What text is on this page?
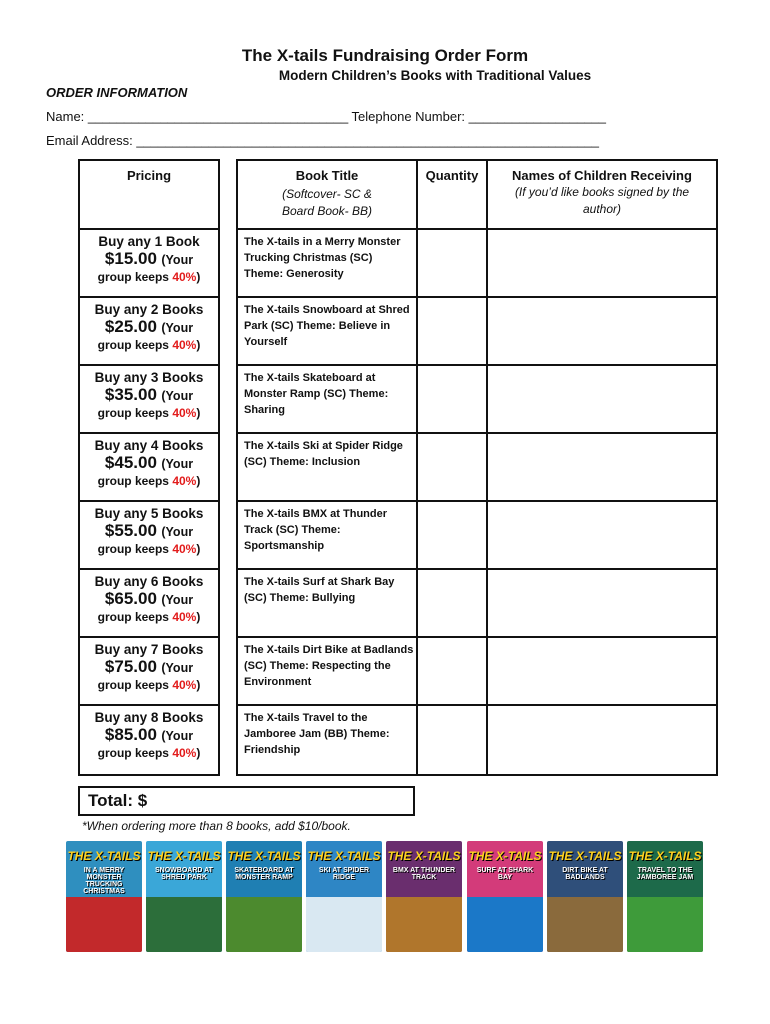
The X-tails Fundraising Order Form
Modern Children’s Books with Traditional Values
ORDER INFORMATION
Name: ____________________________________ Telephone Number: ___________________
Email Address: ________________________________________________________________
Pricing	Book Title
(Softcover- SC & Board Book- BB)
Quantity	Names of Children Receiving
(If you’d like books signed by the author)
Buy any 1 Book
$15.00 (Your
group keeps 40%)
The X-tails in a Merry Monster Trucking Christmas (SC) Theme: Generosity
Buy any 2 Books
$25.00 (Your
group keeps 40%)
The X-tails Snowboard at Shred Park (SC) Theme: Believe in Yourself
Buy any 3 Books
$35.00 (Your
group keeps 40%)
The X-tails Skateboard at Monster Ramp (SC) Theme: Sharing
Buy any 4 Books
$45.00 (Your
group keeps 40%)
The X-tails Ski at Spider Ridge (SC) Theme: Inclusion
Buy any 5 Books
$55.00 (Your
group keeps 40%)
The X-tails BMX at Thunder Track (SC) Theme: Sportsmanship
Buy any 6 Books
$65.00 (Your
group keeps 40%)
The X-tails Surf at Shark Bay (SC) Theme: Bullying
Buy any 7 Books
$75.00 (Your
group keeps 40%)
The X-tails Dirt Bike at Badlands (SC) Theme: Respecting the Environment
Buy any 8 Books
$85.00 (Your
group keeps 40%)
The X-tails Travel to the Jamboree Jam (BB) Theme: Friendship
Total: $
*When ordering more than 8 books, add $10/book.
THE X-TAILS
IN A MERRY MONSTER TRUCKING CHRISTMAS
THE X-TAILS
SNOWBOARD AT SHRED PARK
THE X-TAILS
SKATEBOARD AT MONSTER RAMP
THE X-TAILS
SKI AT SPIDER RIDGE
THE X-TAILS
BMX AT THUNDER TRACK
THE X-TAILS
SURF AT SHARK BAY
THE X-TAILS
DIRT BIKE AT BADLANDS
THE X-TAILS
TRAVEL TO THE JAMBOREE JAM
